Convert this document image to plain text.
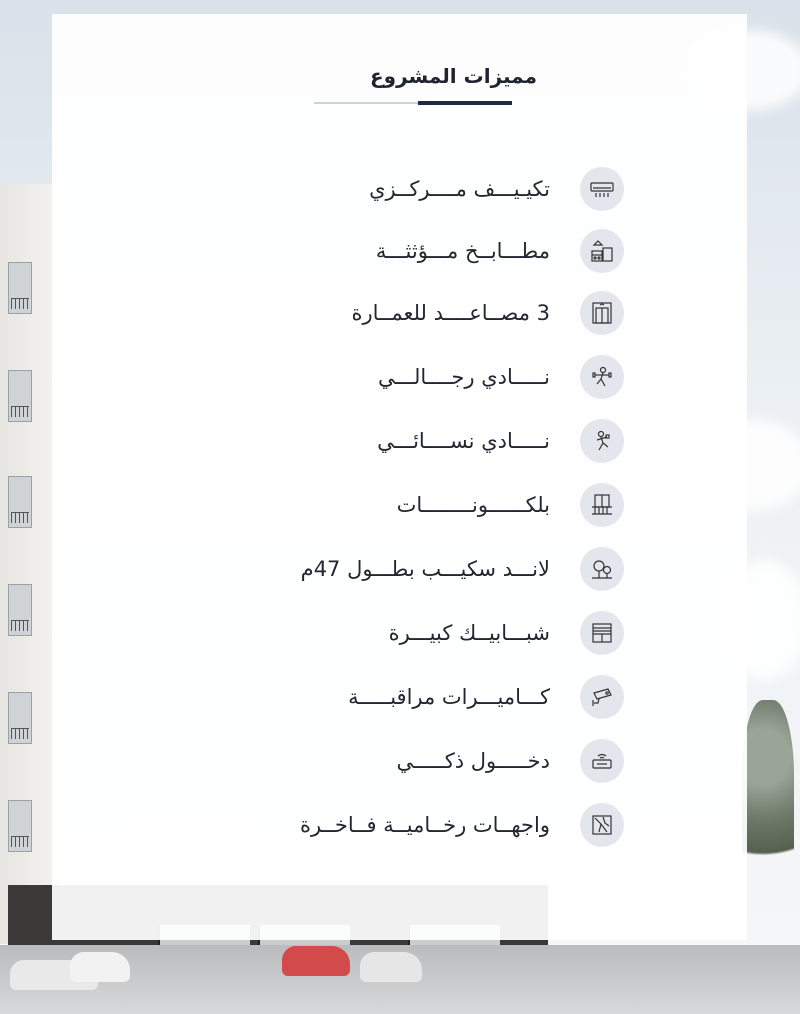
مميزات المشروع
تكيـيـــف مــــركــزي
مطـــابــخ مـــؤثثـــة
3 مصــاعــــد للعمــارة
نـــــادي رجــــالـــي
نـــــادي نســــائـــي
بلكــــــونــــــــات
لانـــد سكيـــب بطـــول 47م
شبـــابيــك كبيـــرة
كـــاميـــرات مراقبـــــة
دخـــــول ذكـــــي
واجهــات رخــاميــة فــاخــرة
